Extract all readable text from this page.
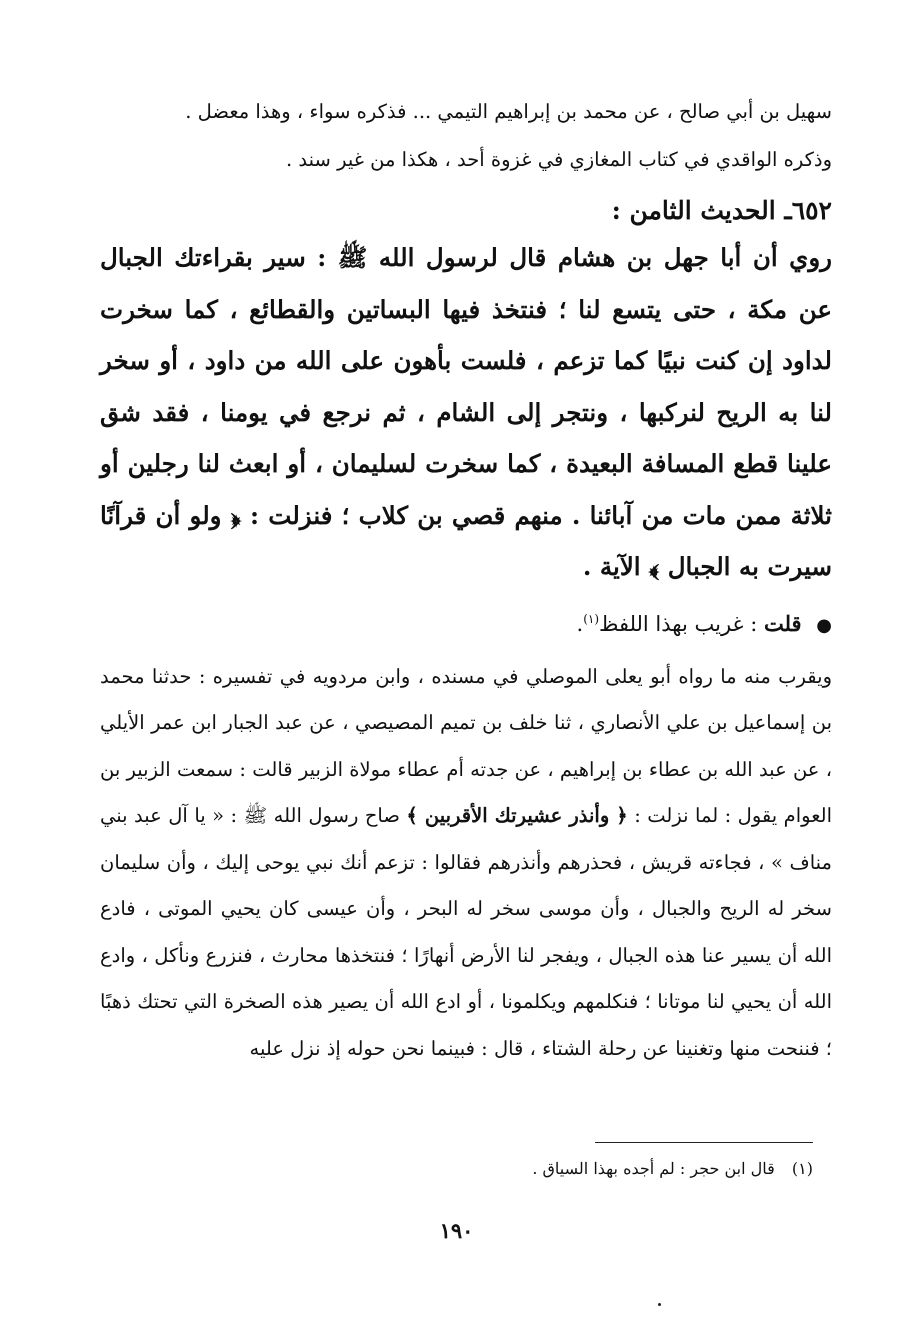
سهيل بن أبي صالح ، عن محمد بن إبراهيم التيمي ... فذكره سواء ، وهذا معضل .

وذكره الواقدي في كتاب المغازي في غزوة أحد ، هكذا من غير سند .

٦٥٢ـ الحديث الثامن :

روي أن أبا جهل بن هشام قال لرسول الله ﷺ : سير بقراءتك الجبال عن مكة ، حتى يتسع لنا ؛ فنتخذ فيها البساتين والقطائع ، كما سخرت لداود إن كنت نبيًا كما تزعم ، فلست بأهون على الله من داود ، أو سخر لنا به الريح لنركبها ، ونتجر إلى الشام ، ثم نرجع في يومنا ، فقد شق علينا قطع المسافة البعيدة ، كما سخرت لسليمان ، أو ابعث لنا رجلين أو ثلاثة ممن مات من آبائنا . منهم قصي بن كلاب ؛ فنزلت : ﴿ ولو أن قرآنًا سيرت به الجبال ﴾ الآية .

● قلت : غريب بهذا اللفظ$^{(١)}$.

ويقرب منه ما رواه أبو يعلى الموصلي في مسنده ، وابن مردويه في تفسيره : حدثنا محمد بن إسماعيل بن علي الأنصاري ، ثنا خلف بن تميم المصيصي ، عن عبد الجبار ابن عمر الأيلي ، عن عبد الله بن عطاء بن إبراهيم ، عن جدته أم عطاء مولاة الزبير قالت : سمعت الزبير بن العوام يقول : لما نزلت : ﴿ وأنذر عشيرتك الأقربين ﴾ صاح رسول الله ﷺ : « يا آل عبد بني مناف » ، فجاءته قريش ، فحذرهم وأنذرهم فقالوا : تزعم أنك نبي يوحى إليك ، وأن سليمان سخر له الريح والجبال ، وأن موسى سخر له البحر ، وأن عيسى كان يحيي الموتى ، فادع الله أن يسير عنا هذه الجبال ، ويفجر لنا الأرض أنهارًا ؛ فنتخذها محارث ، فنزرع ونأكل ، وادع الله أن يحيي لنا موتانا ؛ فنكلمهم ويكلمونا ، أو ادع الله أن يصير هذه الصخرة التي تحتك ذهبًا ؛ فننحت منها وتغنينا عن رحلة الشتاء ، قال : فبينما نحن حوله إذ نزل عليه

(١) قال ابن حجر : لم أجده بهذا السياق .
١٩٠
